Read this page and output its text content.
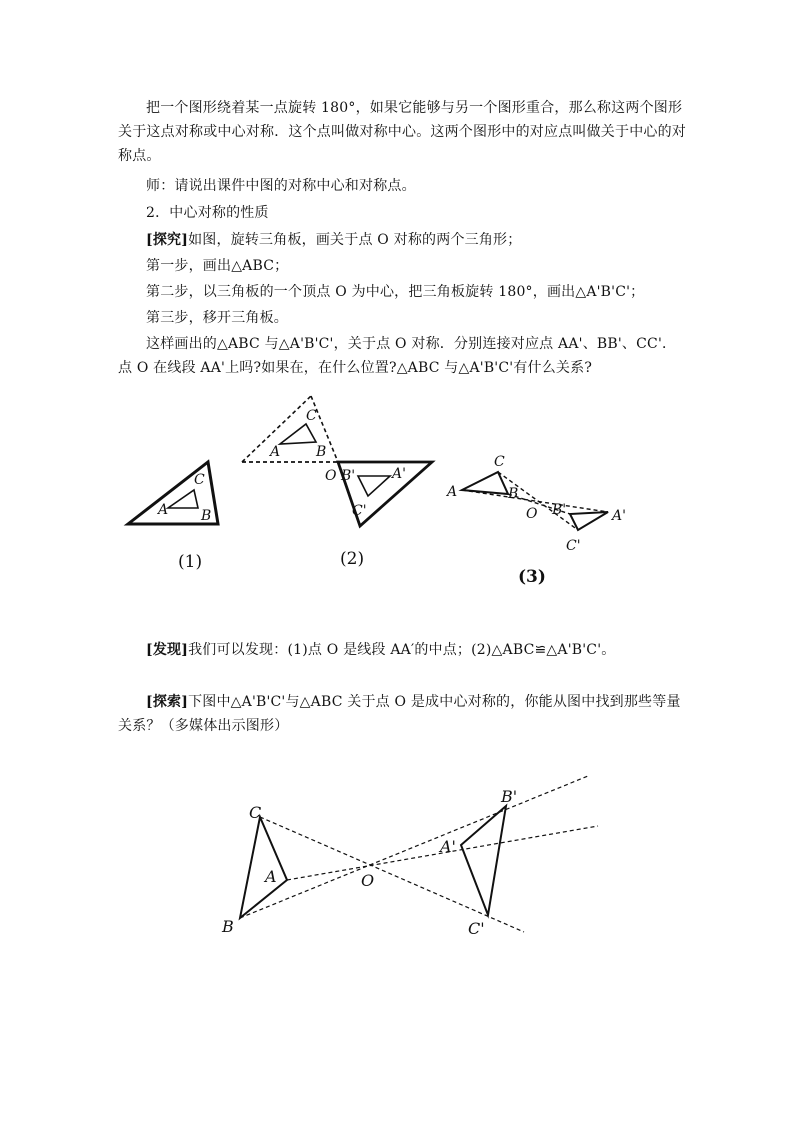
把一个图形绕着某一点旋转 180°，如果它能够与另一个图形重合，那么称这两个图形关于这点对称或中心对称．这个点叫做对称中心。这两个图形中的对应点叫做关于中心的对称点。

师：请说出课件中图的对称中心和对称点。

2．中心对称的性质

[探究]如图，旋转三角板，画关于点 O 对称的两个三角形；

第一步，画出△ABC；

第二步，以三角板的一个顶点 O 为中心，把三角板旋转 180°，画出△A'B'C'；

第三步，移开三角板。

这样画出的△ABC 与△A'B'C'，关于点 O 对称．分别连接对应点 AA'、BB'、CC'．点 O 在线段 AA'上吗?如果在，在什么位置?△ABC 与△A'B'C'有什么关系?

A
C
B
(1)
A
C
B
O B'	A'
C'
(2)
A
C
B
O B'	A'
C'
(3)

[发现]我们可以发现：(1)点 O 是线段 AA′的中点；(2)△ABC≌△A'B'C'。

[探索]下图中△A'B'C'与△ABC 关于点 O 是成中心对称的，你能从图中找到那些等量关系？（多媒体出示图形）

C
A
B
O
B'
A'
C'
